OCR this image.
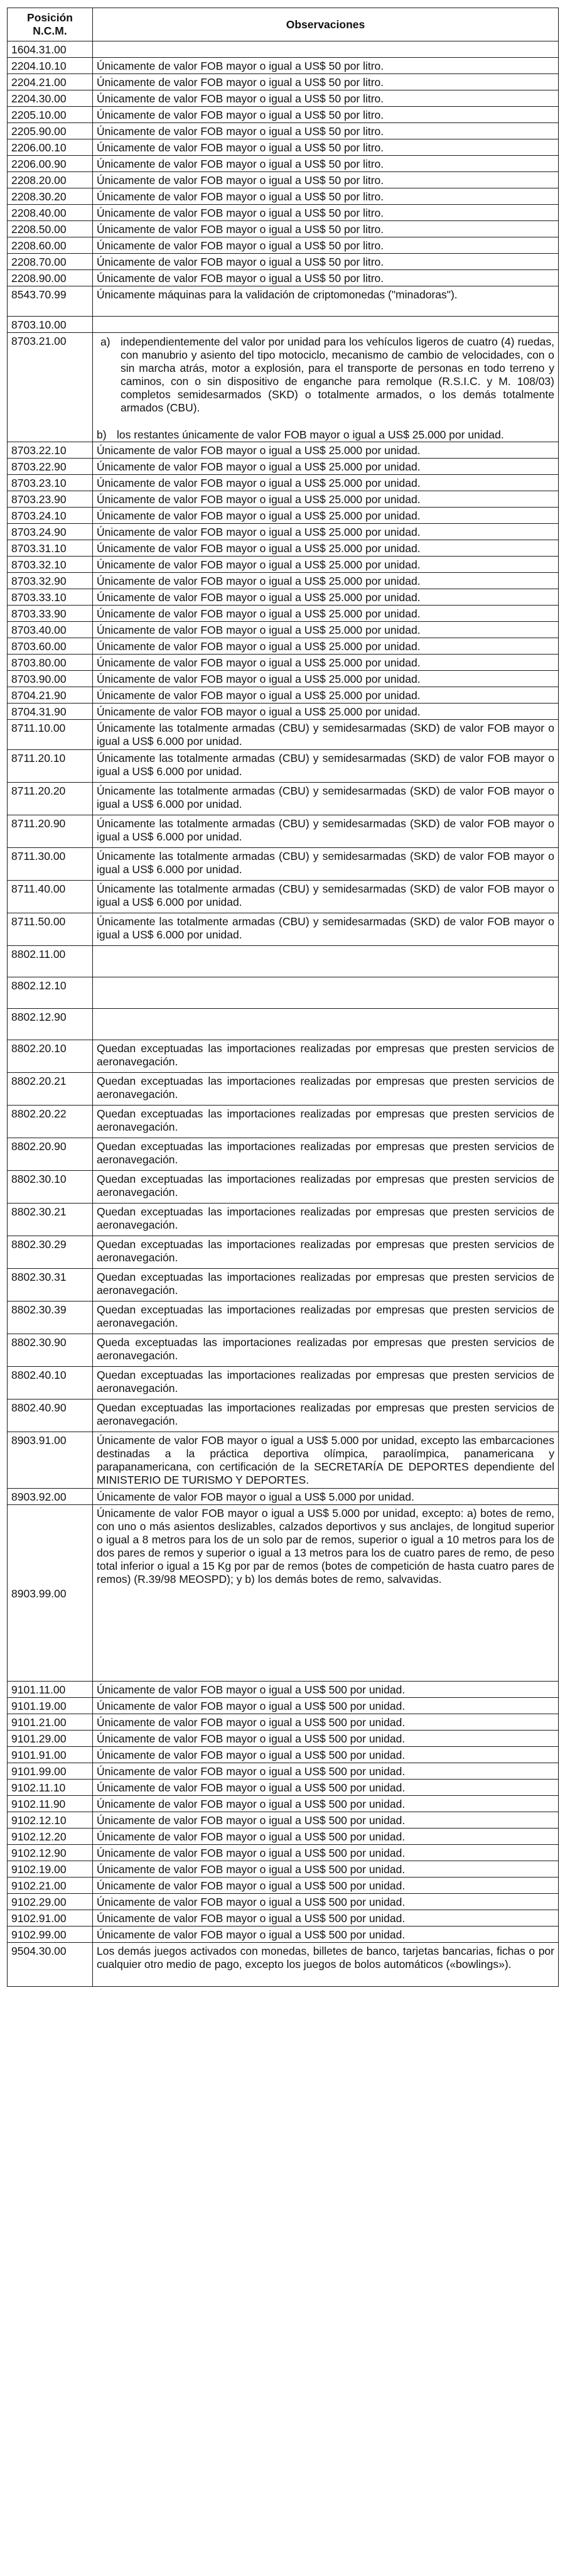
Posición N.C.M.	Observaciones
1604.31.00	
2204.10.10	Únicamente de valor FOB mayor o igual a US$ 50 por litro.
2204.21.00	Únicamente de valor FOB mayor o igual a US$ 50 por litro.
2204.30.00	Únicamente de valor FOB mayor o igual a US$ 50 por litro.
2205.10.00	Únicamente de valor FOB mayor o igual a US$ 50 por litro.
2205.90.00	Únicamente de valor FOB mayor o igual a US$ 50 por litro.
2206.00.10	Únicamente de valor FOB mayor o igual a US$ 50 por litro.
2206.00.90	Únicamente de valor FOB mayor o igual a US$ 50 por litro.
2208.20.00	Únicamente de valor FOB mayor o igual a US$ 50 por litro.
2208.30.20	Únicamente de valor FOB mayor o igual a US$ 50 por litro.
2208.40.00	Únicamente de valor FOB mayor o igual a US$ 50 por litro.
2208.50.00	Únicamente de valor FOB mayor o igual a US$ 50 por litro.
2208.60.00	Únicamente de valor FOB mayor o igual a US$ 50 por litro.
2208.70.00	Únicamente de valor FOB mayor o igual a US$ 50 por litro.
2208.90.00	Únicamente de valor FOB mayor o igual a US$ 50 por litro.
8543.70.99	Únicamente máquinas para la validación de criptomonedas ("minadoras").
8703.10.00	
8703.21.00	a) independientemente del valor por unidad para los vehículos ligeros de cuatro (4) ruedas, con manubrio y asiento del tipo motociclo, mecanismo de cambio de velocidades, con o sin marcha atrás, motor a explosión, para el transporte de personas en todo terreno y caminos, con o sin dispositivo de enganche para remolque (R.S.I.C. y M. 108/03) completos semidesarmados (SKD) o totalmente armados, o los demás totalmente armados (CBU).
b) los restantes únicamente de valor FOB mayor o igual a US$ 25.000 por unidad.

8703.22.10	Únicamente de valor FOB mayor o igual a US$ 25.000 por unidad.
8703.22.90	Únicamente de valor FOB mayor o igual a US$ 25.000 por unidad.
8703.23.10	Únicamente de valor FOB mayor o igual a US$ 25.000 por unidad.
8703.23.90	Únicamente de valor FOB mayor o igual a US$ 25.000 por unidad.
8703.24.10	Únicamente de valor FOB mayor o igual a US$ 25.000 por unidad.
8703.24.90	Únicamente de valor FOB mayor o igual a US$ 25.000 por unidad.
8703.31.10	Únicamente de valor FOB mayor o igual a US$ 25.000 por unidad.
8703.32.10	Únicamente de valor FOB mayor o igual a US$ 25.000 por unidad.
8703.32.90	Únicamente de valor FOB mayor o igual a US$ 25.000 por unidad.
8703.33.10	Únicamente de valor FOB mayor o igual a US$ 25.000 por unidad.
8703.33.90	Únicamente de valor FOB mayor o igual a US$ 25.000 por unidad.
8703.40.00	Únicamente de valor FOB mayor o igual a US$ 25.000 por unidad.
8703.60.00	Únicamente de valor FOB mayor o igual a US$ 25.000 por unidad.
8703.80.00	Únicamente de valor FOB mayor o igual a US$ 25.000 por unidad.
8703.90.00	Únicamente de valor FOB mayor o igual a US$ 25.000 por unidad.
8704.21.90	Únicamente de valor FOB mayor o igual a US$ 25.000 por unidad.
8704.31.90	Únicamente de valor FOB mayor o igual a US$ 25.000 por unidad.
8711.10.00	Únicamente las totalmente armadas (CBU) y semidesarmadas (SKD) de valor FOB mayor o igual a US$ 6.000 por unidad.
8711.20.10	Únicamente las totalmente armadas (CBU) y semidesarmadas (SKD) de valor FOB mayor o igual a US$ 6.000 por unidad.
8711.20.20	Únicamente las totalmente armadas (CBU) y semidesarmadas (SKD) de valor FOB mayor o igual a US$ 6.000 por unidad.
8711.20.90	Únicamente las totalmente armadas (CBU) y semidesarmadas (SKD) de valor FOB mayor o igual a US$ 6.000 por unidad.
8711.30.00	Únicamente las totalmente armadas (CBU) y semidesarmadas (SKD) de valor FOB mayor o igual a US$ 6.000 por unidad.
8711.40.00	Únicamente las totalmente armadas (CBU) y semidesarmadas (SKD) de valor FOB mayor o igual a US$ 6.000 por unidad.
8711.50.00	Únicamente las totalmente armadas (CBU) y semidesarmadas (SKD) de valor FOB mayor o igual a US$ 6.000 por unidad.
8802.11.00	
8802.12.10	
8802.12.90	
8802.20.10	Quedan exceptuadas las importaciones realizadas por empresas que presten servicios de aeronavegación.
8802.20.21	Quedan exceptuadas las importaciones realizadas por empresas que presten servicios de aeronavegación.
8802.20.22	Quedan exceptuadas las importaciones realizadas por empresas que presten servicios de aeronavegación.
8802.20.90	Quedan exceptuadas las importaciones realizadas por empresas que presten servicios de aeronavegación.
8802.30.10	Quedan exceptuadas las importaciones realizadas por empresas que presten servicios de aeronavegación.
8802.30.21	Quedan exceptuadas las importaciones realizadas por empresas que presten servicios de aeronavegación.
8802.30.29	Quedan exceptuadas las importaciones realizadas por empresas que presten servicios de aeronavegación.
8802.30.31	Quedan exceptuadas las importaciones realizadas por empresas que presten servicios de aeronavegación.
8802.30.39	Quedan exceptuadas las importaciones realizadas por empresas que presten servicios de aeronavegación.
8802.30.90	Queda exceptuadas las importaciones realizadas por empresas que presten servicios de aeronavegación.
8802.40.10	Quedan exceptuadas las importaciones realizadas por empresas que presten servicios de aeronavegación.
8802.40.90	Quedan exceptuadas las importaciones realizadas por empresas que presten servicios de aeronavegación.
8903.91.00	Únicamente de valor FOB mayor o igual a US$ 5.000 por unidad, excepto las embarcaciones destinadas a la práctica deportiva olímpica, paraolímpica, panamericana y parapanamericana, con certificación de la SECRETARÍA DE DEPORTES dependiente del MINISTERIO DE TURISMO Y DEPORTES.
8903.92.00	Únicamente de valor FOB mayor o igual a US$ 5.000 por unidad.
8903.99.00	Únicamente de valor FOB mayor o igual a US$ 5.000 por unidad, excepto: a) botes de remo, con uno o más asientos deslizables, calzados deportivos y sus anclajes, de longitud superior o igual a 8 metros para los de un solo par de remos, superior o igual a 10 metros para los de dos pares de remos y superior o igual a 13 metros para los de cuatro pares de remo, de peso total inferior o igual a 15 Kg por par de remos (botes de competición de hasta cuatro pares de remos) (R.39/98 MEOSPD); y b) los demás botes de remo, salvavidas.
9101.11.00	Únicamente de valor FOB mayor o igual a US$ 500 por unidad.
9101.19.00	Únicamente de valor FOB mayor o igual a US$ 500 por unidad.
9101.21.00	Únicamente de valor FOB mayor o igual a US$ 500 por unidad.
9101.29.00	Únicamente de valor FOB mayor o igual a US$ 500 por unidad.
9101.91.00	Únicamente de valor FOB mayor o igual a US$ 500 por unidad.
9101.99.00	Únicamente de valor FOB mayor o igual a US$ 500 por unidad.
9102.11.10	Únicamente de valor FOB mayor o igual a US$ 500 por unidad.
9102.11.90	Únicamente de valor FOB mayor o igual a US$ 500 por unidad.
9102.12.10	Únicamente de valor FOB mayor o igual a US$ 500 por unidad.
9102.12.20	Únicamente de valor FOB mayor o igual a US$ 500 por unidad.
9102.12.90	Únicamente de valor FOB mayor o igual a US$ 500 por unidad.
9102.19.00	Únicamente de valor FOB mayor o igual a US$ 500 por unidad.
9102.21.00	Únicamente de valor FOB mayor o igual a US$ 500 por unidad.
9102.29.00	Únicamente de valor FOB mayor o igual a US$ 500 por unidad.
9102.91.00	Únicamente de valor FOB mayor o igual a US$ 500 por unidad.
9102.99.00	Únicamente de valor FOB mayor o igual a US$ 500 por unidad.
9504.30.00	Los demás juegos activados con monedas, billetes de banco, tarjetas bancarias, fichas o por cualquier otro medio de pago, excepto los juegos de bolos automáticos («bowlings»).
